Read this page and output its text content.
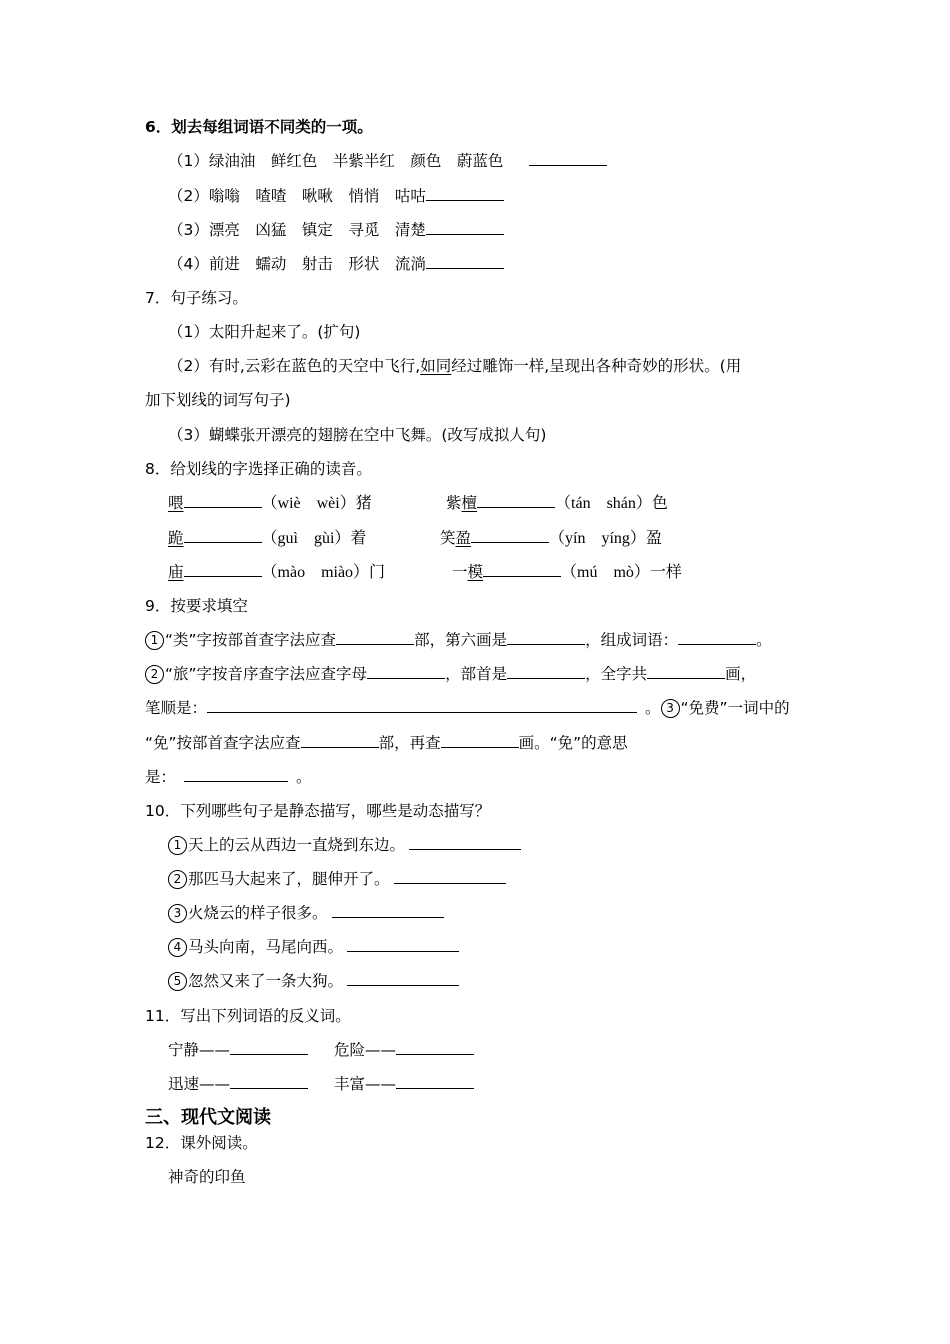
6．划去每组词语不同类的一项。
（1）绿油油　鲜红色　半紫半红　颜色　蔚蓝色
（2）嗡嗡　喳喳　啾啾　悄悄　咕咕
（3）漂亮　凶猛　镇定　寻觅　清楚
（4）前进　蠕动　射击　形状　流淌
7．句子练习。
（1）太阳升起来了。(扩句)
（2）有时,云彩在蓝色的天空中飞行,如同经过雕饰一样,呈现出各种奇妙的形状。(用
加下划线的词写句子)
（3）蝴蝶张开漂亮的翅膀在空中飞舞。(改写成拟人句)
8．给划线的字选择正确的读音。
喂	（wiè　wèi）猪	紫檀	（tán　shán）色
跪	（guì　gùi）着	笑盈	（yín　yíng）盈
庙	（mào　miào）门	一模	（mú　mò）一样
9．按要求填空
1 “类”字按部首查字法应查	部，第六画是	，组成词语：	。
2 “旅”字按音序查字法应查字母	，部首是	，全字共	画，
笔顺是：	。 3 “免费”一词中的
“免”按部首查字法应查	部，再查	画。“免”的意思
是：	。
10．下列哪些句子是静态描写，哪些是动态描写？
1 天上的云从西边一直烧到东边。
2 那匹马大起来了，腿伸开了。
3 火烧云的样子很多。
4 马头向南，马尾向西。
5 忽然又来了一条大狗。
11．写出下列词语的反义词。
宁静——	危险——
迅速——	丰富——
三、现代文阅读
12．课外阅读。
神奇的印鱼
